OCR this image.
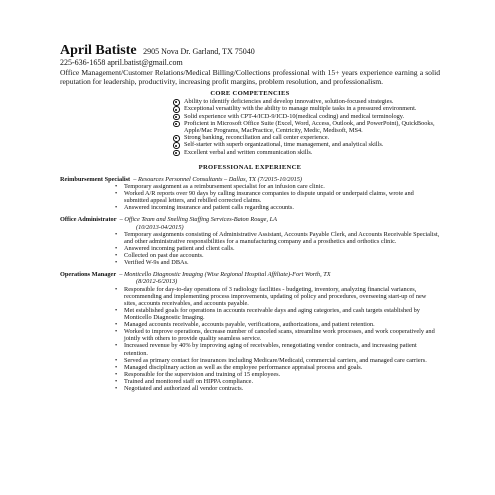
April Batiste 2905 Nova Dr. Garland, TX 75040
225-636-1658 april.batist@gmail.com
Office Management/Customer Relations/Medical Billing/Collections professional with 15+ years experience earning a solid reputation for leadership, productivity, increasing profit margins, problem resolution, and professionalism.
CORE COMPETENCIES
Ability to identify deficiencies and develop innovative, solution-focused strategies.
Exceptional versatility with the ability to manage multiple tasks in a pressured environment.
Solid experience with CPT-4/ICD-9/ICD-10(medical coding) and medical terminology.
Proficient in Microsoft Office Suite (Excel, Word, Access, Outlook, and PowerPoint), QuickBooks, Apple/Mac Programs, MacPractice, Centricity, Medic, Medisoft, MS4.
Strong banking, reconciliation and call center experience.
Self-starter with superb organizational, time management, and analytical skills.
Excellent verbal and written communication skills.
PROFESSIONAL EXPERIENCE
Reimbursement Specialist  – Resources Personnel Consultants – Dallas, TX (7/2015-10/2015)
• Temporary assignment as a reimbursement specialist for an infusion care clinic.
• Worked A/R reports over 90 days by calling insurance companies to dispute unpaid or underpaid claims, wrote and submitted appeal letters, and rebilled corrected claims.
• Answered incoming insurance and patient calls regarding accounts.
Office Administrator  – Office Team and Snelling Staffing Services-Baton Rouge, LA
(10/2013-04/2015)
• Temporary assignments consisting of Administrative Assistant, Accounts Payable Clerk, and Accounts Receivable Specialist, and other administrative responsibilities for a manufacturing company and a prosthetics and orthotics clinic.
• Answered incoming patient and client calls.
• Collected on past due accounts.
• Verified W-9s and DBAs.
Operations Manager  – Monticello Diagnostic Imaging (Wise Regional Hospital Affiliate)-Fort Worth, TX
(8/2012-6/2013)
• Responsible for day-to-day operations of 3 radiology facilities - budgeting, inventory, analyzing financial variances, recommending and implementing process improvements, updating of policy and procedures, overseeing start-up of new sites, accounts receivables, and accounts payable.
• Met established goals for operations in accounts receivable days and aging categories, and cash targets established by Monticello Diagnostic Imaging.
• Managed accounts receivable, accounts payable, verifications, authorizations, and patient retention.
• Worked to improve operations, decrease number of canceled scans, streamline work processes, and work cooperatively and jointly with others to provide quality seamless service.
• Increased revenue by 40% by improving aging of receivables, renegotiating vendor contracts, and increasing patient retention.
• Served as primary contact for insurances including Medicare/Medicaid, commercial carriers, and managed care carriers.
• Managed disciplinary action as well as the employee performance appraisal process and goals.
• Responsible for the supervision and training of 15 employees.
• Trained and monitored staff on HIPPA compliance.
• Negotiated and authorized all vendor contracts.
